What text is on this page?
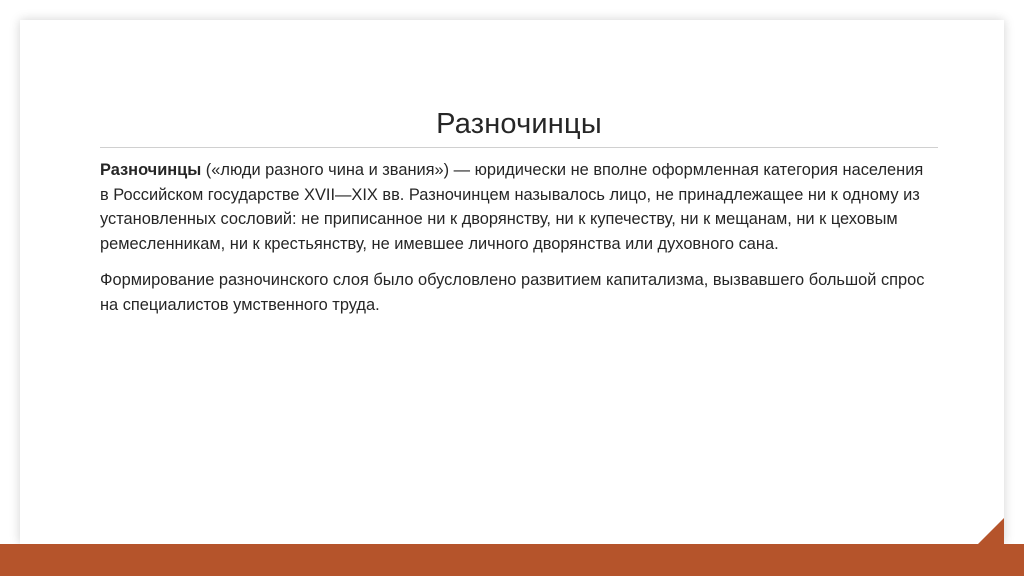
Разночинцы

Разночинцы («люди разного чина и звания») — юридически не вполне оформленная категория населения в Российском государстве XVII—XIX вв. Разночинцем называлось лицо, не принадлежащее ни к одному из установленных сословий: не приписанное ни к дворянству, ни к купечеству, ни к мещанам, ни к цеховым ремесленникам, ни к крестьянству, не имевшее личного дворянства или духовного сана.

Формирование разночинского слоя было обусловлено развитием капитализма, вызвавшего большой спрос на специалистов умственного труда.
